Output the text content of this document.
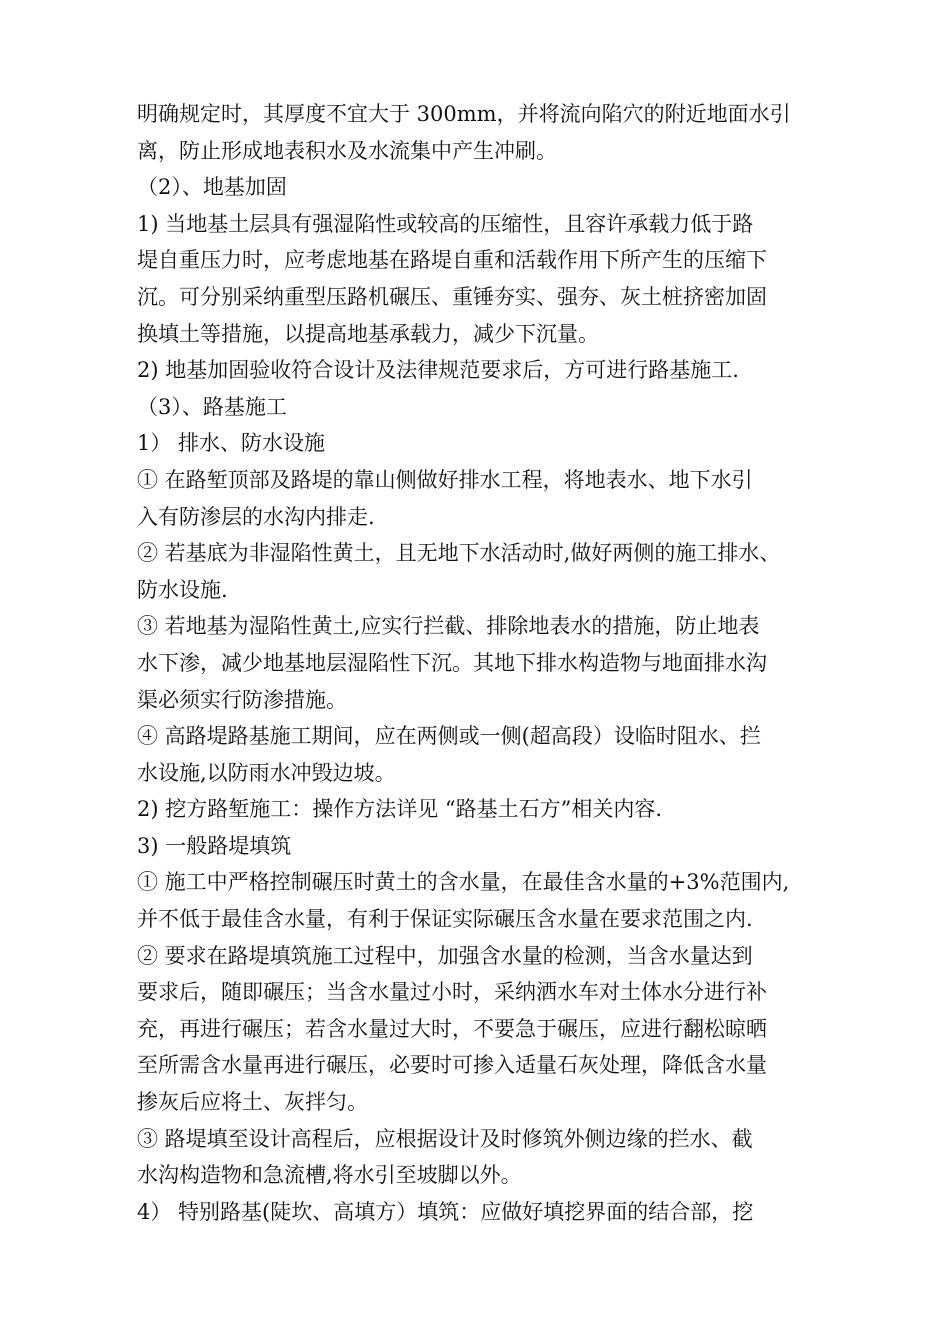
明确规定时，其厚度不宜大于 300mm，并将流向陷穴的附近地面水引
离，防止形成地表积水及水流集中产生冲刷。
（2）、地基加固
1) 当地基土层具有强湿陷性或较高的压缩性，且容许承载力低于路
堤自重压力时，应考虑地基在路堤自重和活载作用下所产生的压缩下
沉。可分别采纳重型压路机碾压、重锤夯实、强夯、灰土桩挤密加固
换填土等措施，以提高地基承载力，减少下沉量。
2) 地基加固验收符合设计及法律规范要求后，方可进行路基施工.
（3）、路基施工
1） 排水、防水设施
① 在路堑顶部及路堤的靠山侧做好排水工程，将地表水、地下水引
入有防渗层的水沟内排走.
② 若基底为非湿陷性黄土，且无地下水活动时,做好两侧的施工排水、
防水设施.
③ 若地基为湿陷性黄土,应实行拦截、排除地表水的措施，防止地表
水下渗，减少地基地层湿陷性下沉。其地下排水构造物与地面排水沟
渠必须实行防渗措施。
④ 高路堤路基施工期间，应在两侧或一侧(超高段）设临时阻水、拦
水设施,以防雨水冲毁边坡。
2) 挖方路堑施工：操作方法详见 “路基土石方”相关内容.
3) 一般路堤填筑
① 施工中严格控制碾压时黄土的含水量，在最佳含水量的+3%范围内,
并不低于最佳含水量，有利于保证实际碾压含水量在要求范围之内.
② 要求在路堤填筑施工过程中，加强含水量的检测，当含水量达到
要求后，随即碾压；当含水量过小时，采纳洒水车对土体水分进行补
充，再进行碾压；若含水量过大时，不要急于碾压，应进行翻松晾晒
至所需含水量再进行碾压，必要时可掺入适量石灰处理，降低含水量
掺灰后应将土、灰拌匀。
③ 路堤填至设计高程后，应根据设计及时修筑外侧边缘的拦水、截
水沟构造物和急流槽,将水引至坡脚以外。
4） 特别路基(陡坎、高填方）填筑：应做好填挖界面的结合部，挖
